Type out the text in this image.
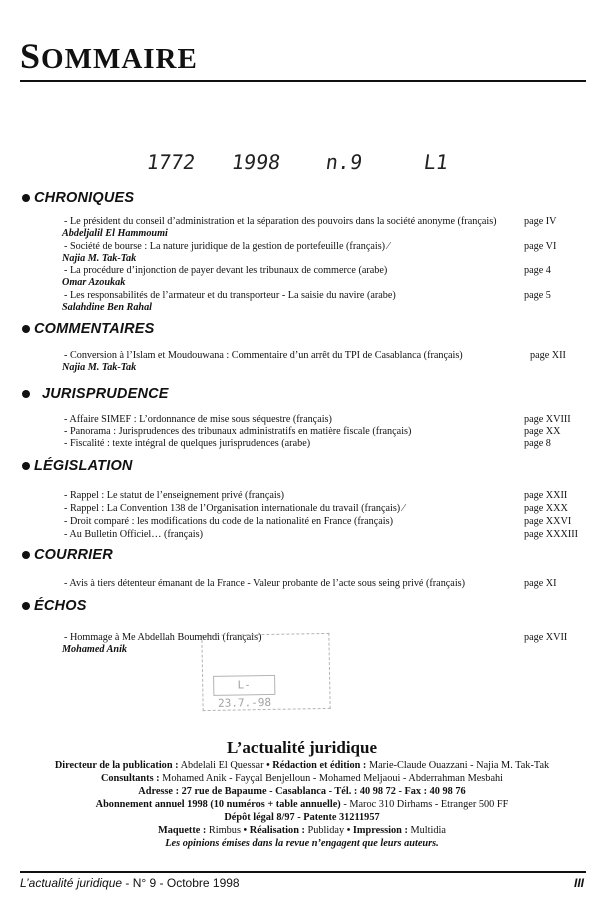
SOMMAIRE
1772 1998 n.9	L1
CHRONIQUES
- Le président du conseil d’administration et la séparation des pouvoirs dans la société anonyme (français)	page IV
Abdeljalil El Hammoumi
- Société de bourse : La nature juridique de la gestion de portefeuille (français) ⁄	page VI
Najia M. Tak-Tak
- La procédure d’injonction de payer devant les tribunaux de commerce (arabe)	page 4
Omar Azoukak
- Les responsabilités de l’armateur et du transporteur - La saisie du navire (arabe)	page 5
Salahdine Ben Rahal
COMMENTAIRES
- Conversion à l’Islam et Moudouwana : Commentaire d’un arrêt du TPI de Casablanca (français)	page XII
Najia M. Tak-Tak
JURISPRUDENCE
- Affaire SIMEF : L’ordonnance de mise sous séquestre (français)	page XVIII
- Panorama : Jurisprudences des tribunaux administratifs en matière fiscale (français)	page XX
- Fiscalité : texte intégral de quelques jurisprudences (arabe)	page 8
LÉGISLATION
- Rappel : Le statut de l’enseignement privé (français)	page XXII
- Rappel : La Convention 138 de l’Organisation internationale du travail (français) ⁄	page XXX
- Droit comparé : les modifications du code de la nationalité en France (français)	page XXVI
- Au Bulletin Officiel… (français)	page XXXIII
COURRIER
- Avis à tiers détenteur émanant de la France - Valeur probante de l’acte sous seing privé (français)	page XI
ÉCHOS
- Hommage à Me Abdellah Boumehdi (français)	page XVII
Mohamed Anik
L-23.7.-98
L’actualité juridique
Directeur de la publication : Abdelali El Quessar • Rédaction et édition : Marie-Claude Ouazzani - Najia M. Tak-Tak
Consultants : Mohamed Anik - Fayçal Benjelloun - Mohamed Meljaoui - Abderrahman Mesbahi
Adresse : 27 rue de Bapaume - Casablanca - Tél. : 40 98 72 - Fax : 40 98 76
Abonnement annuel 1998 (10 numéros + table annuelle) - Maroc 310 Dirhams - Etranger 500 FF
Dépôt légal 8/97 - Patente 31211957
Maquette : Rimbus • Réalisation : Publiday • Impression : Multidia
Les opinions émises dans la revue n’engagent que leurs auteurs.
L’actualité juridique - N° 9 - Octobre 1998	III
